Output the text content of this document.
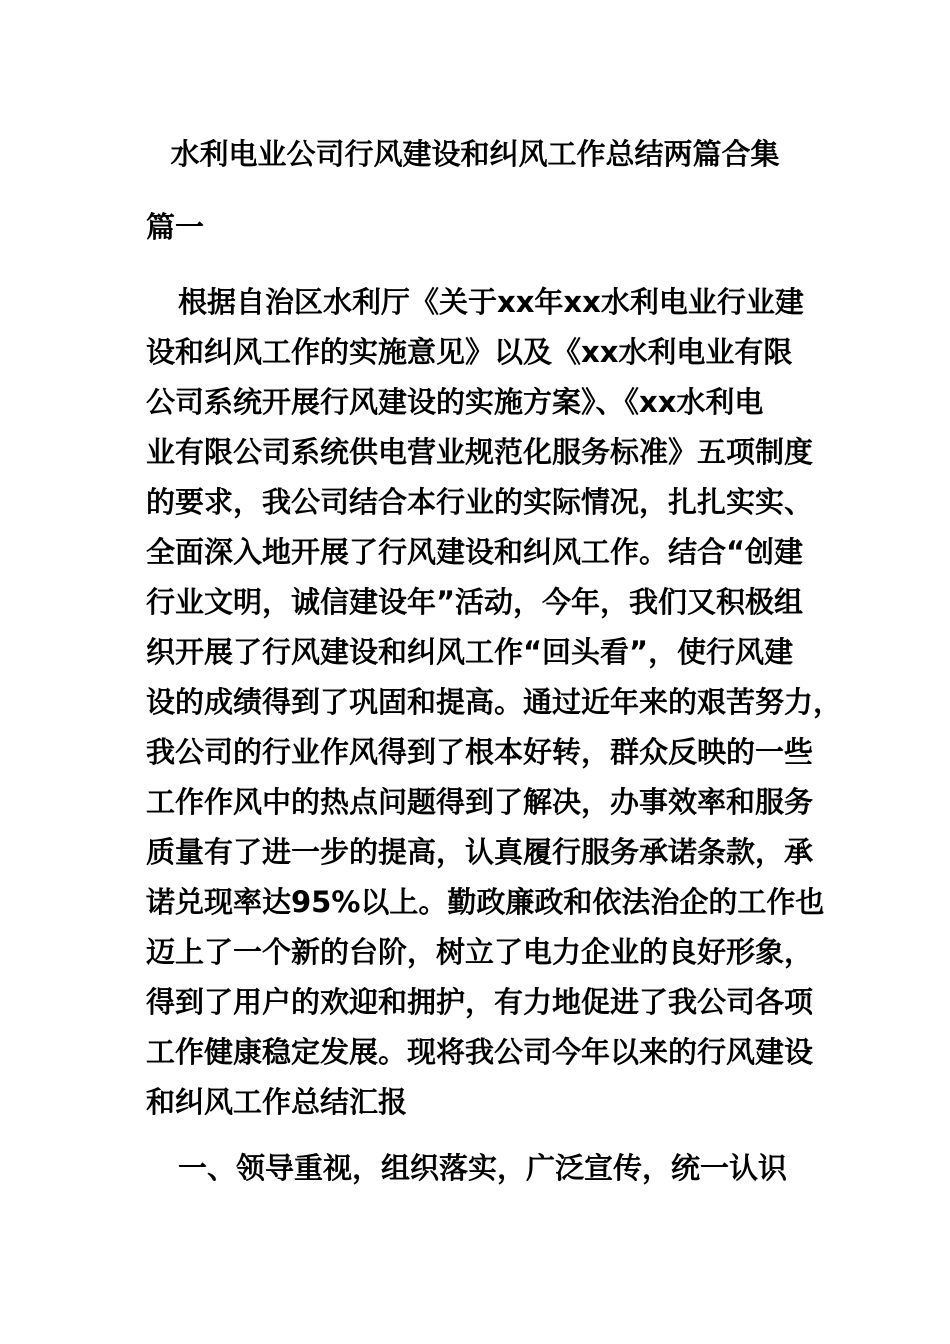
水利电业公司行风建设和纠风工作总结两篇合集
篇一
根据自治区水利厅《关于xx年xx水利电业行业建
设和纠风工作的实施意见》以及《xx水利电业有限
公司系统开展行风建设的实施方案》、《xx水利电
业有限公司系统供电营业规范化服务标准》五项制度
的要求，我公司结合本行业的实际情况，扎扎实实、
全面深入地开展了行风建设和纠风工作。结合“创建
行业文明，诚信建设年”活动，今年，我们又积极组
织开展了行风建设和纠风工作“回头看”，使行风建
设的成绩得到了巩固和提高。通过近年来的艰苦努力，
我公司的行业作风得到了根本好转，群众反映的一些
工作作风中的热点问题得到了解决，办事效率和服务
质量有了进一步的提高，认真履行服务承诺条款，承
诺兑现率达95%以上。勤政廉政和依法治企的工作也
迈上了一个新的台阶，树立了电力企业的良好形象，
得到了用户的欢迎和拥护，有力地促进了我公司各项
工作健康稳定发展。现将我公司今年以来的行风建设
和纠风工作总结汇报
一、领导重视，组织落实，广泛宣传，统一认识
